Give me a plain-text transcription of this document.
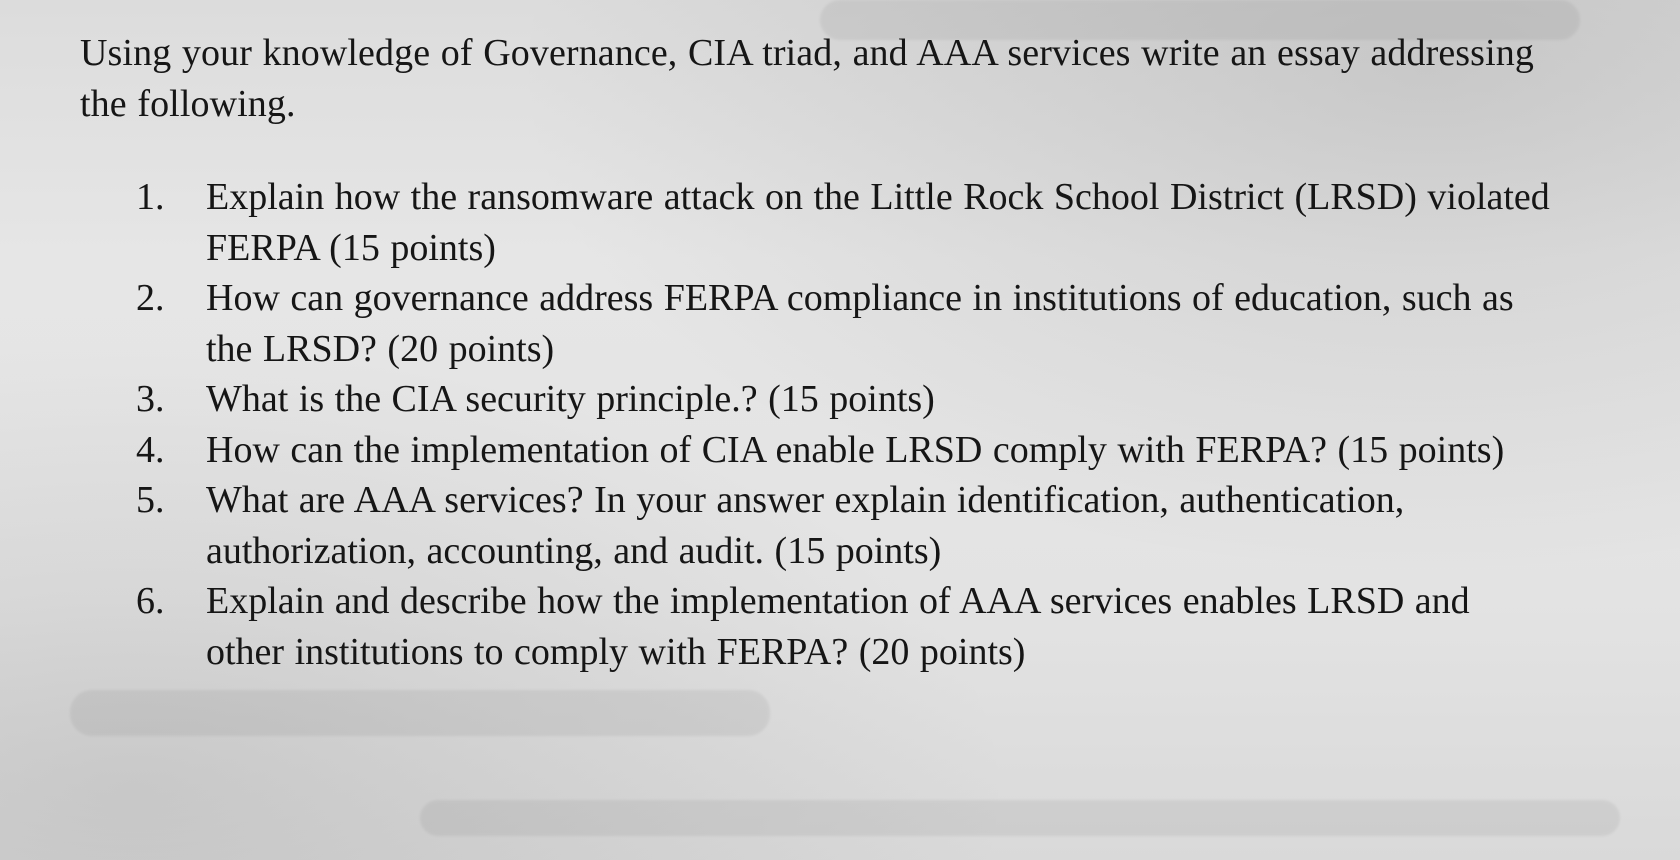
Using your knowledge of Governance, CIA triad, and AAA services write an essay addressing
the following.

1. Explain how the ransomware attack on the Little Rock School District (LRSD) violated
FERPA (15 points)
2. How can governance address FERPA compliance in institutions of education, such as
the LRSD? (20 points)
3. What is the CIA security principle.? (15 points)
4. How can the implementation of CIA enable LRSD comply with FERPA? (15 points)
5. What are AAA services? In your answer explain identification, authentication,
authorization, accounting, and audit. (15 points)
6. Explain and describe how the implementation of AAA services enables LRSD and
other institutions to comply with FERPA? (20 points)
